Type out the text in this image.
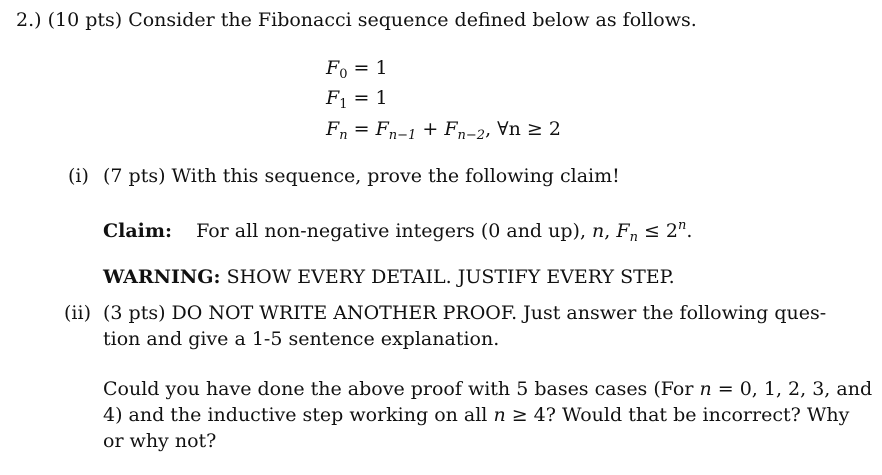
2.) (10 pts) Consider the Fibonacci sequence defined below as follows.
$F_0 = 1$
$F_1 = 1$
$F_n = F_{n-1} + F_{n-2}$, ∀n ≥ 2
(i) (7 pts) With this sequence, prove the following claim!
Claim: For all non-negative integers (0 and up), n, $F_n \le 2^n$.
WARNING: SHOW EVERY DETAIL. JUSTIFY EVERY STEP.
(ii) (3 pts) DO NOT WRITE ANOTHER PROOF. Just answer the following ques-
tion and give a 1-5 sentence explanation.
Could you have done the above proof with 5 bases cases (For n = 0, 1, 2, 3, and
4) and the inductive step working on all n ≥ 4? Would that be incorrect? Why
or why not?
